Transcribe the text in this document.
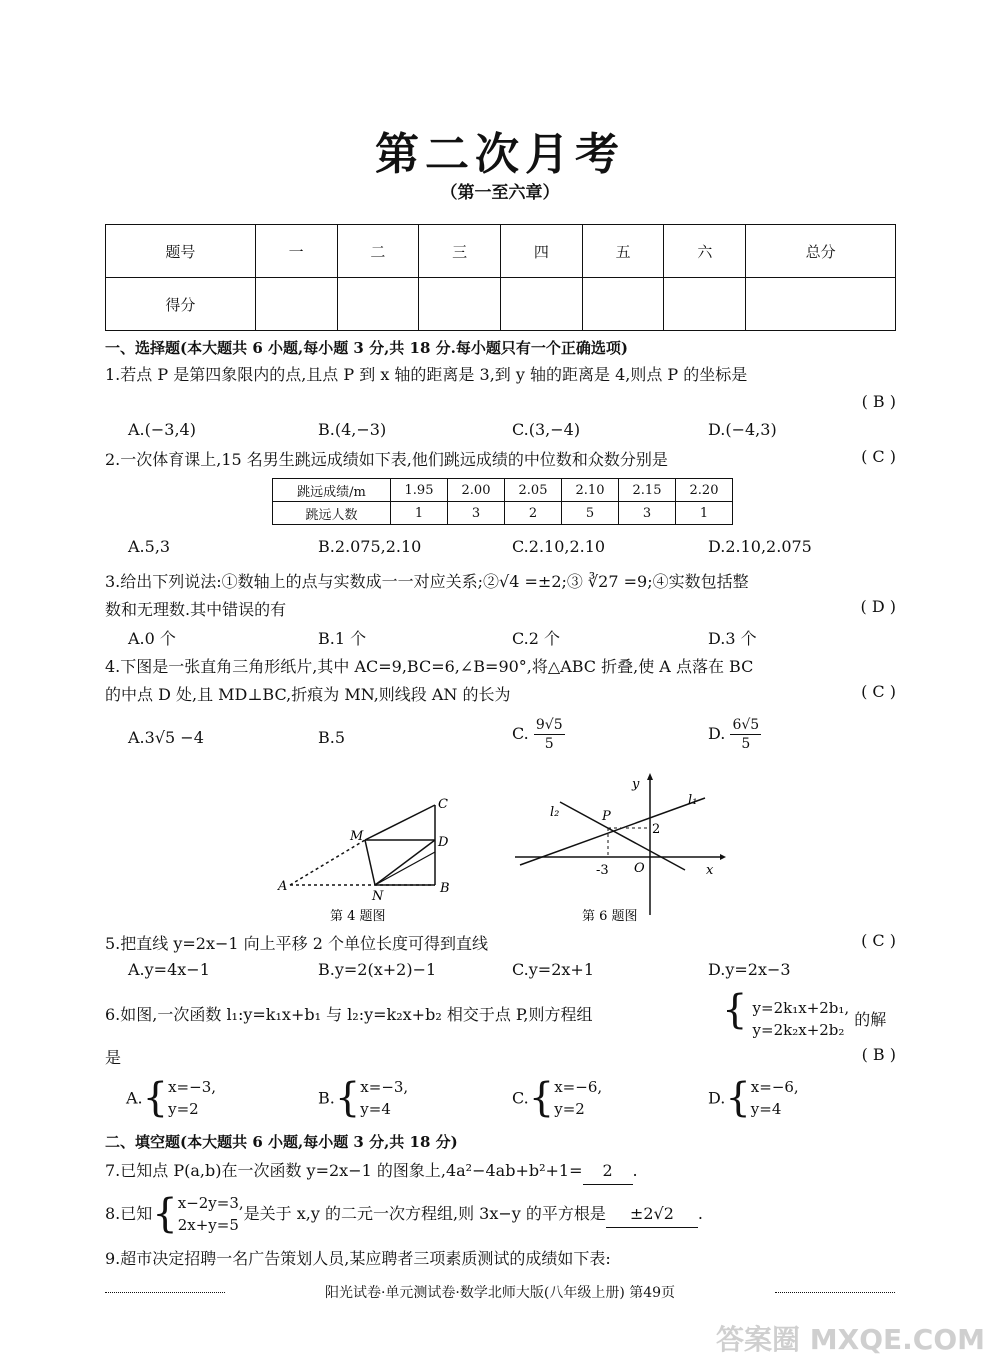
第二次月考
（第一至六章）
题号	一	二	三	四	五	六	总分
得分							
一、选择题(本大题共 6 小题,每小题 3 分,共 18 分.每小题只有一个正确选项)
1.若点 P 是第四象限内的点,且点 P 到 x 轴的距离是 3,到 y 轴的距离是 4,则点 P 的坐标是
( B )
A.(−3,4)	B.(4,−3)	C.(3,−4)	D.(−4,3)
2.一次体育课上,15 名男生跳远成绩如下表,他们跳远成绩的中位数和众数分别是	( C )
跳远成绩/m	1.95	2.00	2.05	2.10	2.15	2.20
跳远人数	1	3	2	5	3	1
A.5,3	B.2.075,2.10	C.2.10,2.10	D.2.10,2.075
3.给出下列说法:①数轴上的点与实数成一一对应关系;②√4 =±2;③ ∛27 =9;④实数包括整
数和无理数.其中错误的有	( D )
A.0 个	B.1 个	C.2 个	D.3 个
4.下图是一张直角三角形纸片,其中 AC=9,BC=6,∠B=90°,将△ABC 折叠,使 A 点落在 BC
的中点 D 处,且 MD⊥BC,折痕为 MN,则线段 AN 的长为	( C )
A.3√5 −4	B.5	C. $\frac{9√5}{5}$	D. $\frac{6√5}{5}$
A	B
C
D
M
N
第 4 题图
y
x
O
P
l₁
l₂
2
-3
第 6 题图
5.把直线 y=2x−1 向上平移 2 个单位长度可得到直线	( C )
A.y=4x−1	B.y=2(x+2)−1	C.y=2x+1	D.y=2x−3
6.如图,一次函数 l₁:y=k₁x+b₁ 与 l₂:y=k₂x+b₂ 相交于点 P,则方程组	{ y=2k₁x+2b₁,
y=2k₂x+2b₂
的解
是	( B )
A.{ x=−3,
y=2
B.{ x=−3,
y=4
C.{ x=−6,
y=2
D.{ x=−6,
y=4
二、填空题(本大题共 6 小题,每小题 3 分,共 18 分)
7.已知点 P(a,b)在一次函数 y=2x−1 的图象上,4a²−4ab+b²+1= 2 .
8.已知{ x−2y=3,
2x+y=5
是关于 x,y 的二元一次方程组,则 3x−y 的平方根是 ±2√2 .
9.超市决定招聘一名广告策划人员,某应聘者三项素质测试的成绩如下表:
阳光试卷·单元测试卷·数学北师大版(八年级上册) 第49页
答案圈 MXQE.COM
